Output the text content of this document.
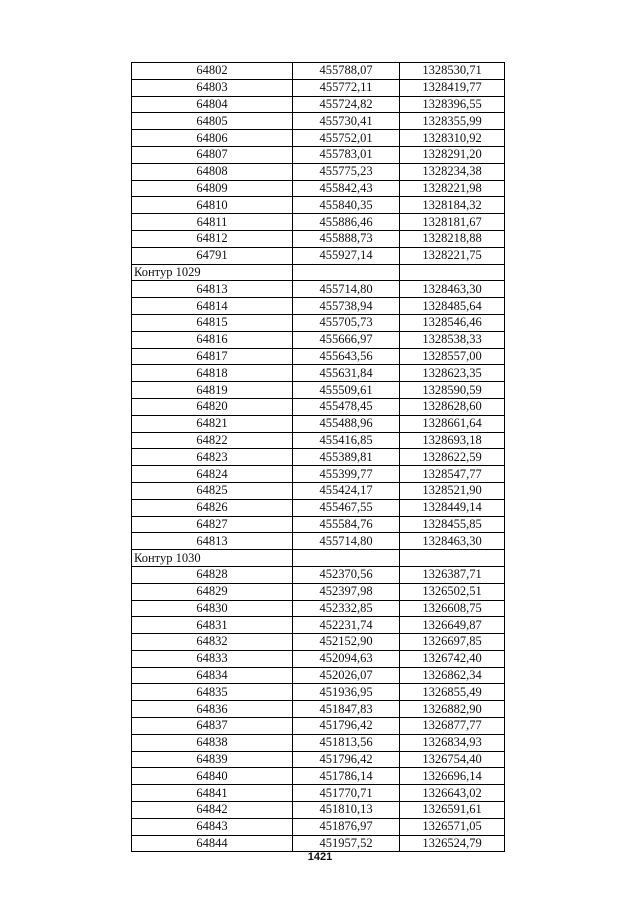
64802	455788,07	1328530,71
64803	455772,11	1328419,77
64804	455724,82	1328396,55
64805	455730,41	1328355,99
64806	455752,01	1328310,92
64807	455783,01	1328291,20
64808	455775,23	1328234,38
64809	455842,43	1328221,98
64810	455840,35	1328184,32
64811	455886,46	1328181,67
64812	455888,73	1328218,88
64791	455927,14	1328221,75
Контур 1029		
64813	455714,80	1328463,30
64814	455738,94	1328485,64
64815	455705,73	1328546,46
64816	455666,97	1328538,33
64817	455643,56	1328557,00
64818	455631,84	1328623,35
64819	455509,61	1328590,59
64820	455478,45	1328628,60
64821	455488,96	1328661,64
64822	455416,85	1328693,18
64823	455389,81	1328622,59
64824	455399,77	1328547,77
64825	455424,17	1328521,90
64826	455467,55	1328449,14
64827	455584,76	1328455,85
64813	455714,80	1328463,30
Контур 1030		
64828	452370,56	1326387,71
64829	452397,98	1326502,51
64830	452332,85	1326608,75
64831	452231,74	1326649,87
64832	452152,90	1326697,85
64833	452094,63	1326742,40
64834	452026,07	1326862,34
64835	451936,95	1326855,49
64836	451847,83	1326882,90
64837	451796,42	1326877,77
64838	451813,56	1326834,93
64839	451796,42	1326754,40
64840	451786,14	1326696,14
64841	451770,71	1326643,02
64842	451810,13	1326591,61
64843	451876,97	1326571,05
64844	451957,52	1326524,79
1421
